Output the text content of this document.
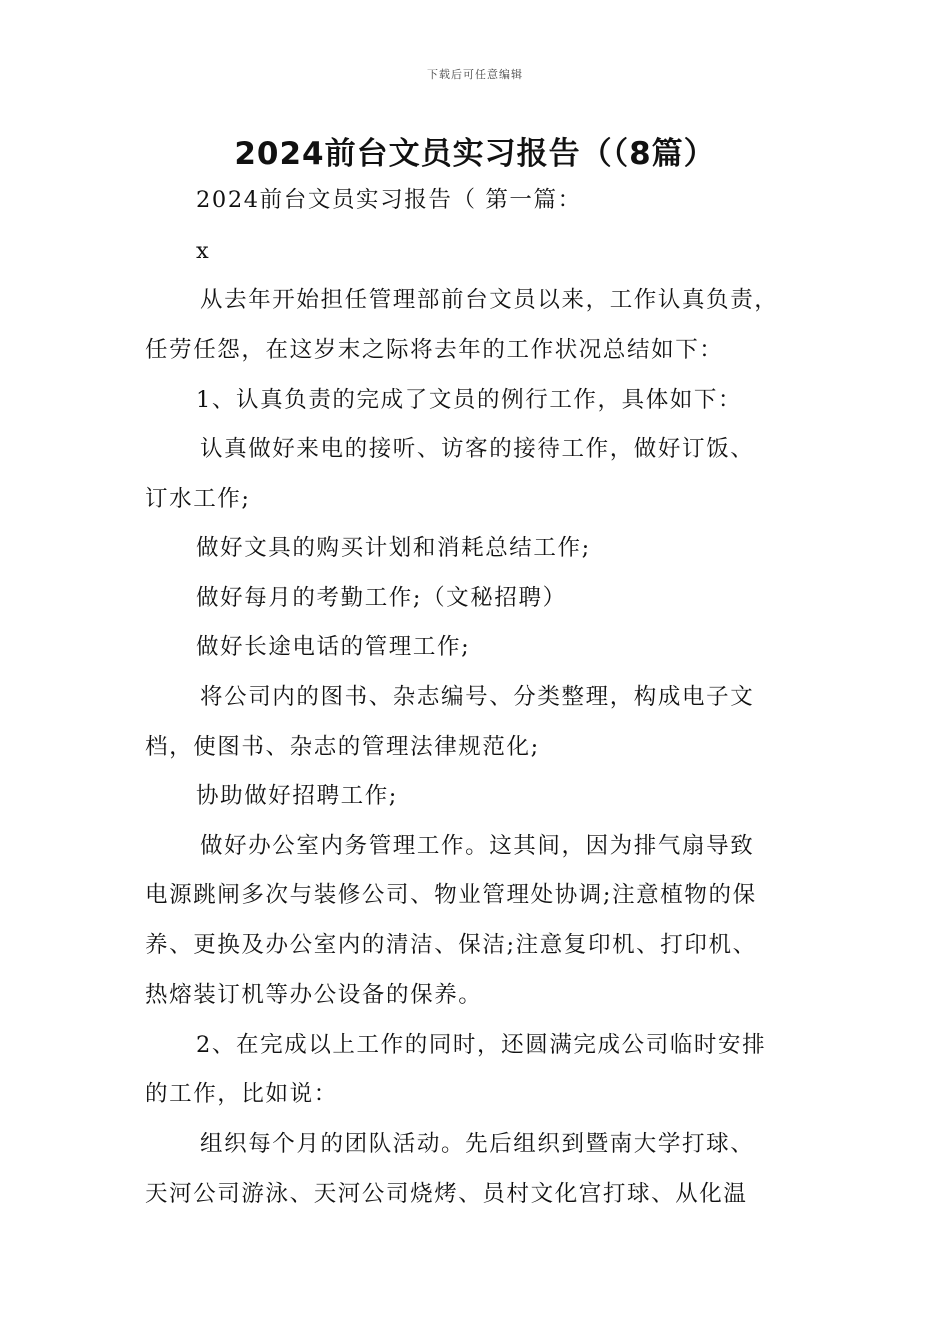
下载后可任意编辑
2024前台文员实习报告（（8篇）
2024前台文员实习报告（ 第一篇：
x
从去年开始担任管理部前台文员以来，工作认真负责，
任劳任怨，在这岁末之际将去年的工作状况总结如下：
1、认真负责的完成了文员的例行工作，具体如下：
认真做好来电的接听、访客的接待工作，做好订饭、
订水工作;
做好文具的购买计划和消耗总结工作;
做好每月的考勤工作;（文秘招聘）
做好长途电话的管理工作;
将公司内的图书、杂志编号、分类整理，构成电子文
档，使图书、杂志的管理法律规范化;
协助做好招聘工作;
做好办公室内务管理工作。这其间，因为排气扇导致
电源跳闸多次与装修公司、物业管理处协调;注意植物的保
养、更换及办公室内的清洁、保洁;注意复印机、打印机、
热熔装订机等办公设备的保养。
2、在完成以上工作的同时，还圆满完成公司临时安排
的工作，比如说：
组织每个月的团队活动。先后组织到暨南大学打球、
天河公司游泳、天河公司烧烤、员村文化宫打球、从化温
